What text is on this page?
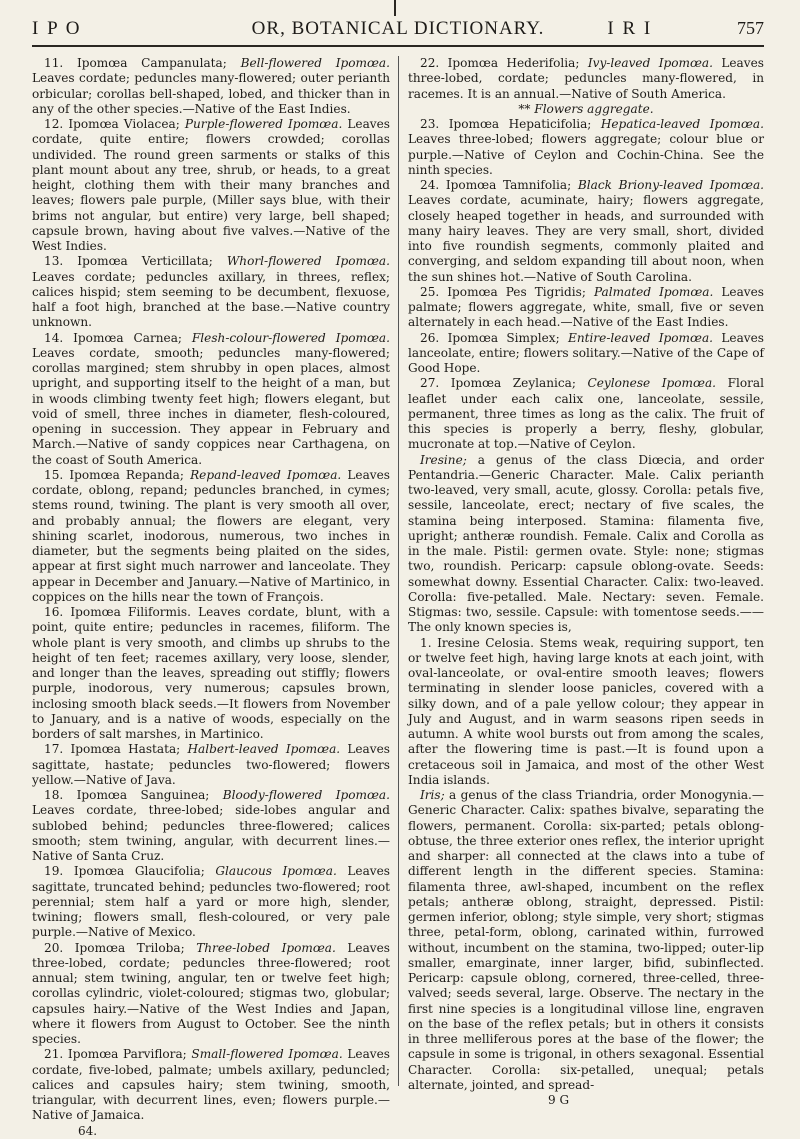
I P O	OR, BOTANICAL DICTIONARY.	I R I	757

11. Ipomœa Campanulata; Bell-flowered Ipomœa. Leaves cordate; peduncles many-flowered; outer perianth orbicular; corollas bell-shaped, lobed, and thicker than in any of the other species.—Native of the East Indies.

12. Ipomœa Violacea; Purple-flowered Ipomœa. Leaves cordate, quite entire; flowers crowded; corollas undivided. The round green sarments or stalks of this plant mount about any tree, shrub, or heads, to a great height, clothing them with their many branches and leaves; flowers pale purple, (Miller says blue, with their brims not angular, but entire) very large, bell shaped; capsule brown, having about five valves.—Native of the West Indies.

13. Ipomœa Verticillata; Whorl-flowered Ipomœa. Leaves cordate; peduncles axillary, in threes, reflex; calices hispid; stem seeming to be decumbent, flexuose, half a foot high, branched at the base.—Native country unknown.

14. Ipomœa Carnea; Flesh-colour-flowered Ipomœa. Leaves cordate, smooth; peduncles many-flowered; corollas margined; stem shrubby in open places, almost upright, and supporting itself to the height of a man, but in woods climbing twenty feet high; flowers elegant, but void of smell, three inches in diameter, flesh-coloured, opening in succession. They appear in February and March.—Native of sandy coppices near Carthagena, on the coast of South America.

15. Ipomœa Repanda; Repand-leaved Ipomœa. Leaves cordate, oblong, repand; peduncles branched, in cymes; stems round, twining. The plant is very smooth all over, and probably annual; the flowers are elegant, very shining scarlet, inodorous, numerous, two inches in diameter, but the segments being plaited on the sides, appear at first sight much narrower and lanceolate. They appear in December and January.—Native of Martinico, in coppices on the hills near the town of François.

16. Ipomœa Filiformis. Leaves cordate, blunt, with a point, quite entire; peduncles in racemes, filiform. The whole plant is very smooth, and climbs up shrubs to the height of ten feet; racemes axillary, very loose, slender, and longer than the leaves, spreading out stiffly; flowers purple, inodorous, very numerous; capsules brown, inclosing smooth black seeds.—It flowers from November to January, and is a native of woods, especially on the borders of salt marshes, in Martinico.

17. Ipomœa Hastata; Halbert-leaved Ipomœa. Leaves sagittate, hastate; peduncles two-flowered; flowers yellow.—Native of Java.

18. Ipomœa Sanguinea; Bloody-flowered Ipomœa. Leaves cordate, three-lobed; side-lobes angular and sublobed behind; peduncles three-flowered; calices smooth; stem twining, angular, with decurrent lines.—Native of Santa Cruz.

19. Ipomœa Glaucifolia; Glaucous Ipomœa. Leaves sagittate, truncated behind; peduncles two-flowered; root perennial; stem half a yard or more high, slender, twining; flowers small, flesh-coloured, or very pale purple.—Native of Mexico.

20. Ipomœa Triloba; Three-lobed Ipomœa. Leaves three-lobed, cordate; peduncles three-flowered; root annual; stem twining, angular, ten or twelve feet high; corollas cylindric, violet-coloured; stigmas two, globular; capsules hairy.—Native of the West Indies and Japan, where it flowers from August to October. See the ninth species.

21. Ipomœa Parviflora; Small-flowered Ipomœa. Leaves cordate, five-lobed, palmate; umbels axillary, peduncled; calices and capsules hairy; stem twining, smooth, triangular, with decurrent lines, even; flowers purple.—Native of Jamaica.

64.

22. Ipomœa Hederifolia; Ivy-leaved Ipomœa. Leaves three-lobed, cordate; peduncles many-flowered, in racemes. It is an annual.—Native of South America.

** Flowers aggregate.

23. Ipomœa Hepaticifolia; Hepatica-leaved Ipomœa. Leaves three-lobed; flowers aggregate; colour blue or purple.—Native of Ceylon and Cochin-China. See the ninth species.

24. Ipomœa Tamnifolia; Black Briony-leaved Ipomœa. Leaves cordate, acuminate, hairy; flowers aggregate, closely heaped together in heads, and surrounded with many hairy leaves. They are very small, short, divided into five roundish segments, commonly plaited and converging, and seldom expanding till about noon, when the sun shines hot.—Native of South Carolina.

25. Ipomœa Pes Tigridis; Palmated Ipomœa. Leaves palmate; flowers aggregate, white, small, five or seven alternately in each head.—Native of the East Indies.

26. Ipomœa Simplex; Entire-leaved Ipomœa. Leaves lanceolate, entire; flowers solitary.—Native of the Cape of Good Hope.

27. Ipomœa Zeylanica; Ceylonese Ipomœa. Floral leaflet under each calix one, lanceolate, sessile, permanent, three times as long as the calix. The fruit of this species is properly a berry, fleshy, globular, mucronate at top.—Native of Ceylon.

Iresine; a genus of the class Diœcia, and order Pentandria.—Generic Character. Male. Calix perianth two-leaved, very small, acute, glossy. Corolla: petals five, sessile, lanceolate, erect; nectary of five scales, the stamina being interposed. Stamina: filamenta five, upright; antheræ roundish. Female. Calix and Corolla as in the male. Pistil: germen ovate. Style: none; stigmas two, roundish. Pericarp: capsule oblong-ovate. Seeds: somewhat downy. Essential Character. Calix: two-leaved. Corolla: five-petalled. Male. Nectary: seven. Female. Stigmas: two, sessile. Capsule: with tomentose seeds.——The only known species is,

1. Iresine Celosia. Stems weak, requiring support, ten or twelve feet high, having large knots at each joint, with oval-lanceolate, or oval-entire smooth leaves; flowers terminating in slender loose panicles, covered with a silky down, and of a pale yellow colour; they appear in July and August, and in warm seasons ripen seeds in autumn. A white wool bursts out from among the scales, after the flowering time is past.—It is found upon a cretaceous soil in Jamaica, and most of the other West India islands.

Iris; a genus of the class Triandria, order Monogynia.—Generic Character. Calix: spathes bivalve, separating the flowers, permanent. Corolla: six-parted; petals oblong-obtuse, the three exterior ones reflex, the interior upright and sharper: all connected at the claws into a tube of different length in the different species. Stamina: filamenta three, awl-shaped, incumbent on the reflex petals; antheræ oblong, straight, depressed. Pistil: germen inferior, oblong; style simple, very short; stigmas three, petal-form, oblong, carinated within, furrowed without, incumbent on the stamina, two-lipped; outer-lip smaller, emarginate, inner larger, bifid, subinflected. Pericarp: capsule oblong, cornered, three-celled, three-valved; seeds several, large. Observe. The nectary in the first nine species is a longitudinal villose line, engraven on the base of the reflex petals; but in others it consists in three melliferous pores at the base of the flower; the capsule in some is trigonal, in others sexagonal. Essential Character. Corolla: six-petalled, unequal; petals alternate, jointed, and spread-

9 G
